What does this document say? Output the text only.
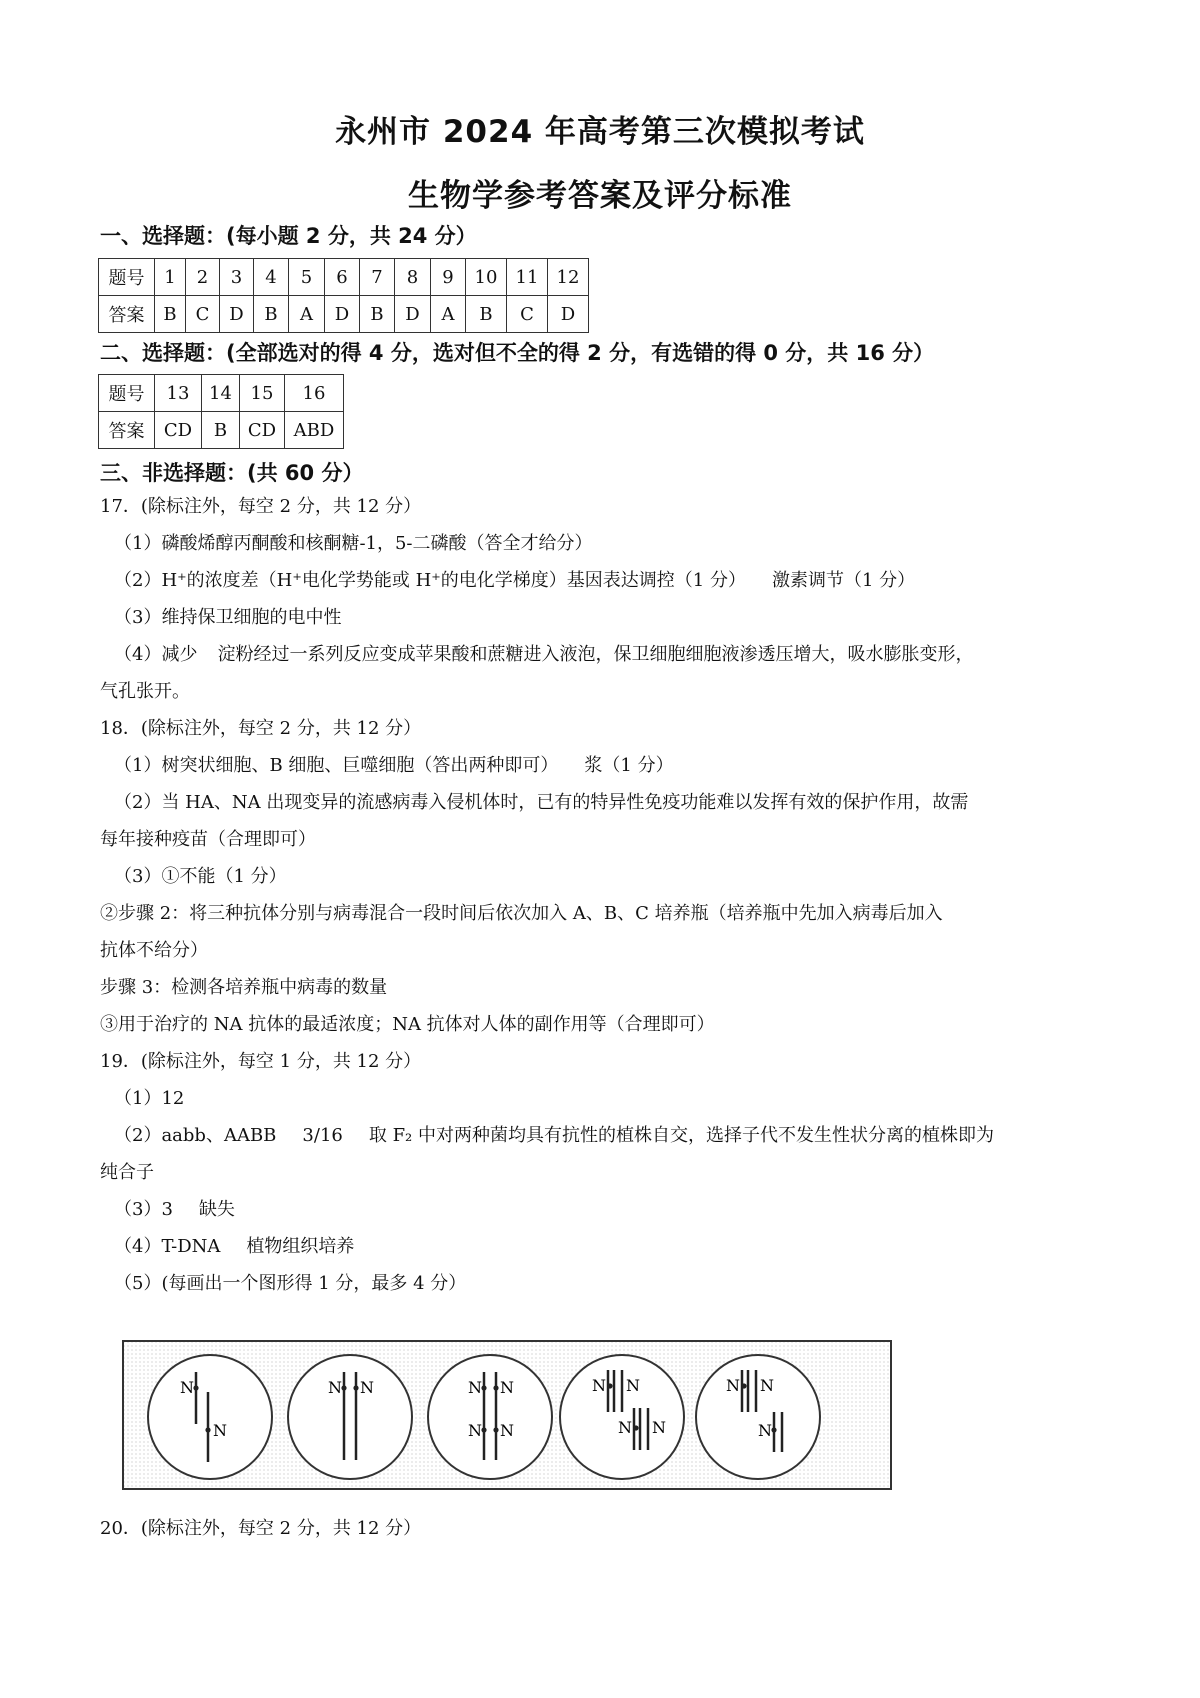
永州市 2024 年高考第三次模拟考试
生物学参考答案及评分标准
一、选择题：(每小题 2 分，共 24 分）
题号	1	2	3	4	5	6	7	8	9	10	11	12
答案	B	C	D	B	A	D	B	D	A	B	C	D
二、选择题：(全部选对的得 4 分，选对但不全的得 2 分，有选错的得 0 分，共 16 分）
题号	13	14	15	16
答案	CD	B	CD	ABD
三、非选择题：(共 60 分）
17．(除标注外，每空 2 分，共 12 分）
（1）磷酸烯醇丙酮酸和核酮糖-1，5-二磷酸（答全才给分）
（2）H⁺的浓度差（H⁺电化学势能或 H⁺的电化学梯度）基因表达调控（1 分） 激素调节（1 分）
（3）维持保卫细胞的电中性
（4）减少 淀粉经过一系列反应变成苹果酸和蔗糖进入液泡，保卫细胞细胞液渗透压增大，吸水膨胀变形，
气孔张开。
18．(除标注外，每空 2 分，共 12 分）
（1）树突状细胞、B 细胞、巨噬细胞（答出两种即可） 浆（1 分）
（2）当 HA、NA 出现变异的流感病毒入侵机体时，已有的特异性免疫功能难以发挥有效的保护作用，故需
每年接种疫苗（合理即可）
（3）①不能（1 分）
②步骤 2：将三种抗体分别与病毒混合一段时间后依次加入 A、B、C 培养瓶（培养瓶中先加入病毒后加入
抗体不给分）
步骤 3：检测各培养瓶中病毒的数量
③用于治疗的 NA 抗体的最适浓度；NA 抗体对人体的副作用等（合理即可）
19．(除标注外，每空 1 分，共 12 分）
（1）12
（2）aabb、AABB 3/16 取 F₂ 中对两种菌均具有抗性的植株自交，选择子代不发生性状分离的植株即为
纯合子
（3）3 缺失
（4）T-DNA 植物组织培养
（5）(每画出一个图形得 1 分，最多 4 分）
N
N
N N	N N
N N
N N
N N
N N
N
20．(除标注外，每空 2 分，共 12 分）
